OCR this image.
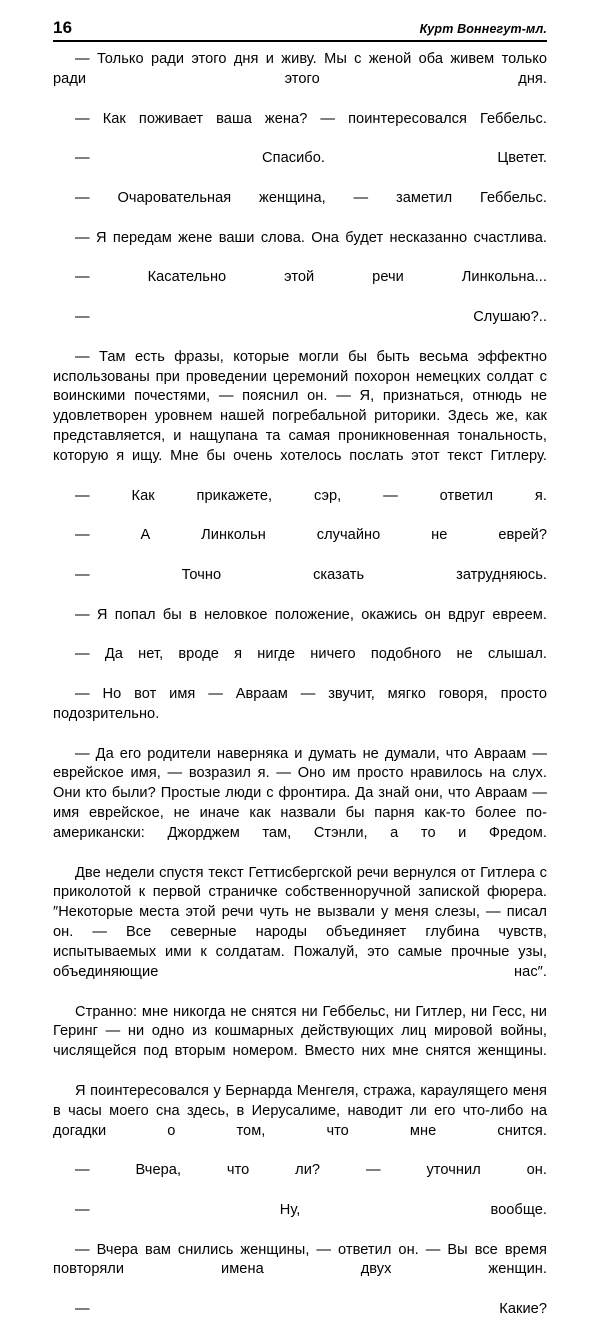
16	Курт Воннегут-мл.

— Только ради этого дня и живу. Мы с женой оба живем только ради этого дня.

— Как поживает ваша жена? — поинтересовался Геббельс.

— Спасибо. Цветет.

— Очаровательная женщина, — заметил Геббельс.

— Я передам жене ваши слова. Она будет несказанно счастлива.

— Касательно этой речи Линкольна...

— Слушаю?..

— Там есть фразы, которые могли бы быть весьма эффектно использованы при проведении церемоний похорон немецких солдат с воинскими почестями, — пояснил он. — Я, признаться, отнюдь не удовлетворен уровнем нашей погребальной риторики. Здесь же, как представляется, и нащупана та самая проникновенная тональность, которую я ищу. Мне бы очень хотелось послать этот текст Гитлеру.

— Как прикажете, сэр, — ответил я.

— А Линкольн случайно не еврей?

— Точно сказать затрудняюсь.

— Я попал бы в неловкое положение, окажись он вдруг евреем.

— Да нет, вроде я нигде ничего подобного не слышал.

— Но вот имя — Авраам — звучит, мягко говоря, просто подозрительно.

— Да его родители наверняка и думать не думали, что Авраам — еврейское имя, — возразил я. — Оно им просто нравилось на слух. Они кто были? Простые люди с фронтира. Да знай они, что Авраам — имя еврейское, не иначе как назвали бы парня как-то более по-американски: Джорджем там, Стэнли, а то и Фредом.

Две недели спустя текст Геттисбергской речи вернулся от Гитлера с приколотой к первой страничке собственноручной запиской фюрера. ″Некоторые места этой речи чуть не вызвали у меня слезы, — писал он. — Все северные народы объединяет глубина чувств, испытываемых ими к солдатам. Пожалуй, это самые прочные узы, объединяющие нас″.

Странно: мне никогда не снятся ни Геббельс, ни Гитлер, ни Гесс, ни Геринг — ни одно из кошмарных действующих лиц мировой войны, числящейся под вторым номером. Вместо них мне снятся женщины.

Я поинтересовался у Бернарда Менгеля, стража, караулящего меня в часы моего сна здесь, в Иерусалиме, наводит ли его что-либо на догадки о том, что мне снится.

— Вчера, что ли? — уточнил он.

— Ну, вообще.

— Вчера вам снились женщины, — ответил он. — Вы все время повторяли имена двух женщин.

— Какие?
